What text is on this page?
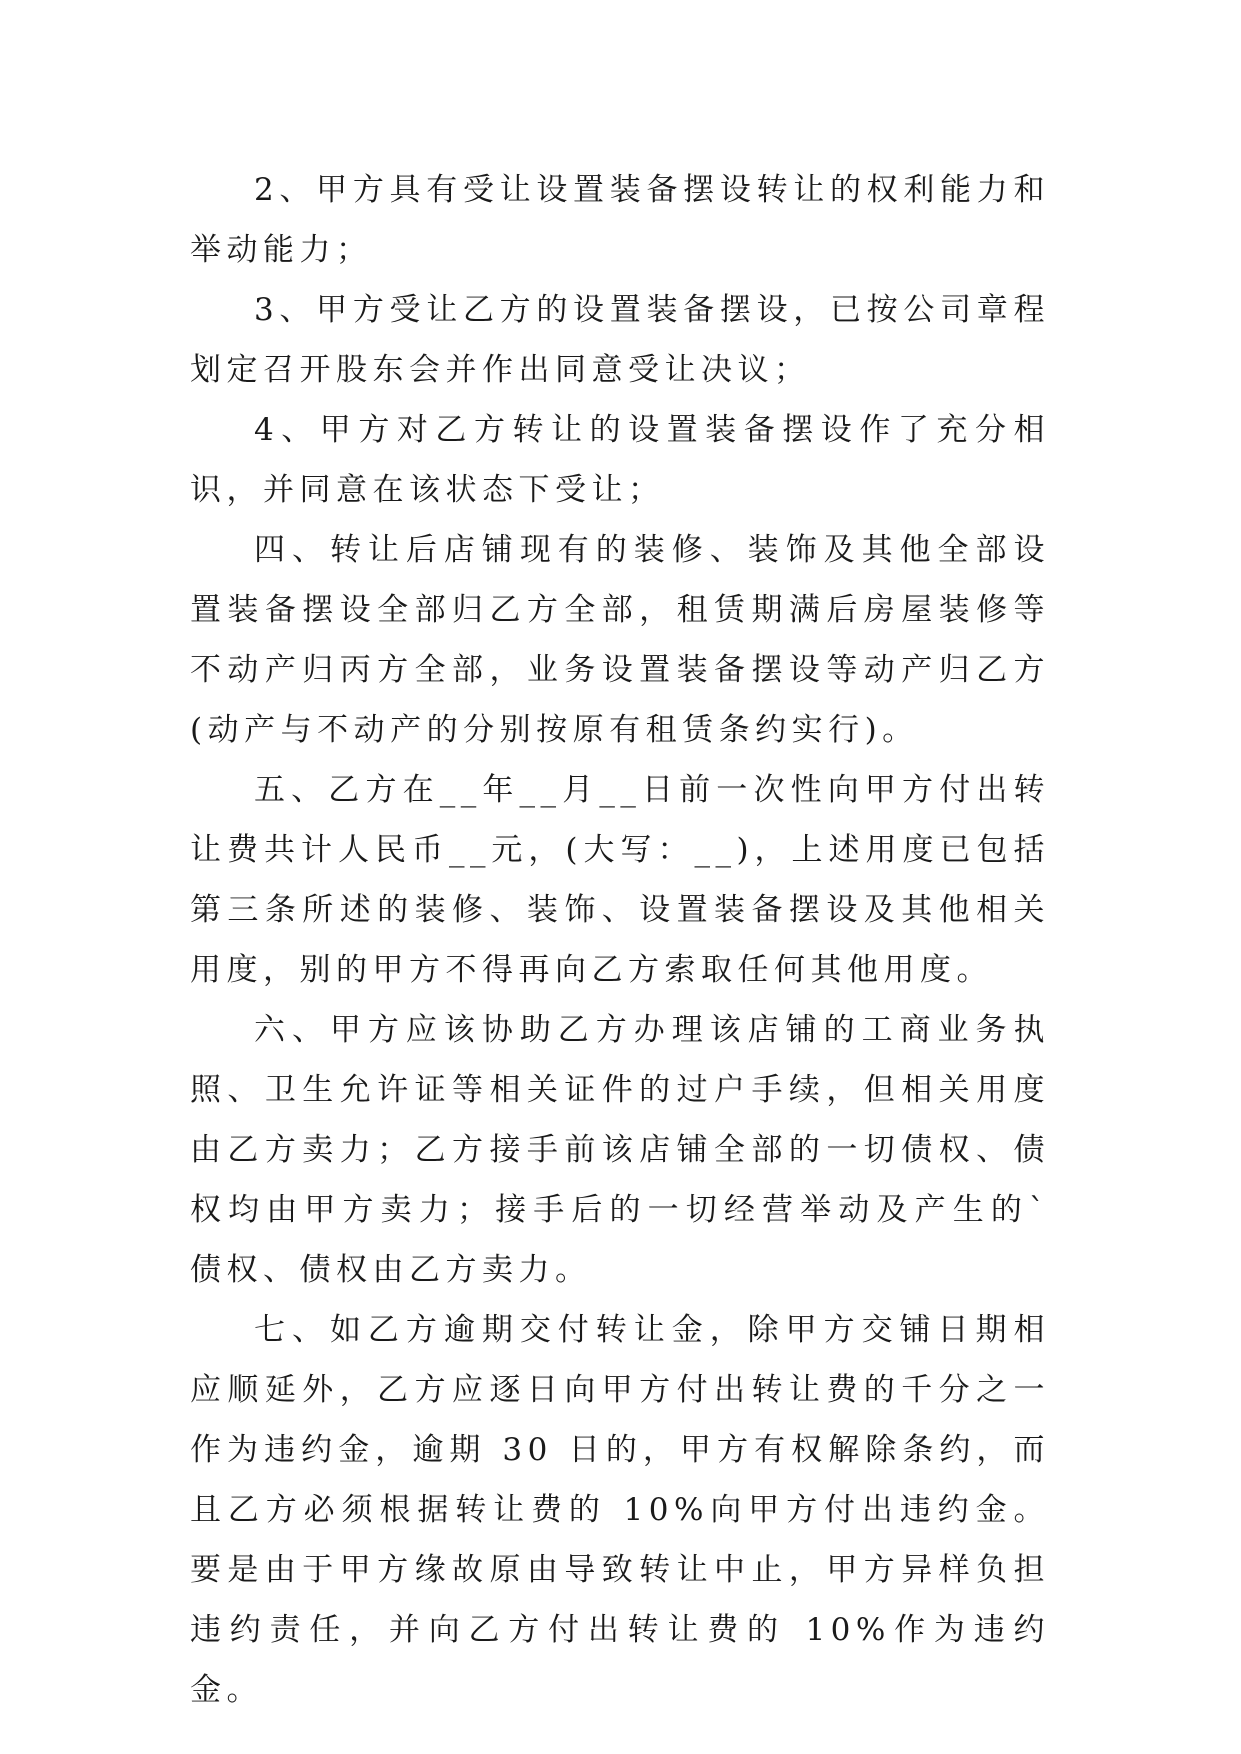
2、甲方具有受让设置装备摆设转让的权利能力和举动能力；

3、甲方受让乙方的设置装备摆设，已按公司章程划定召开股东会并作出同意受让决议；

4、甲方对乙方转让的设置装备摆设作了充分相识，并同意在该状态下受让；

四、转让后店铺现有的装修、装饰及其他全部设置装备摆设全部归乙方全部，租赁期满后房屋装修等不动产归丙方全部，业务设置装备摆设等动产归乙方(动产与不动产的分别按原有租赁条约实行)。

五、乙方在__年__月__日前一次性向甲方付出转让费共计人民币__元，(大写：__)，上述用度已包括第三条所述的装修、装饰、设置装备摆设及其他相关用度，别的甲方不得再向乙方索取任何其他用度。

六、甲方应该协助乙方办理该店铺的工商业务执照、卫生允许证等相关证件的过户手续，但相关用度由乙方卖力；乙方接手前该店铺全部的一切债权、债权均由甲方卖力；接手后的一切经营举动及产生的`债权、债权由乙方卖力。

七、如乙方逾期交付转让金，除甲方交铺日期相应顺延外，乙方应逐日向甲方付出转让费的千分之一作为违约金，逾期 30 日的，甲方有权解除条约，而且乙方必须根据转让费的 10%向甲方付出违约金。要是由于甲方缘故原由导致转让中止，甲方异样负担违约责任，并向乙方付出转让费的 10%作为违约金。
